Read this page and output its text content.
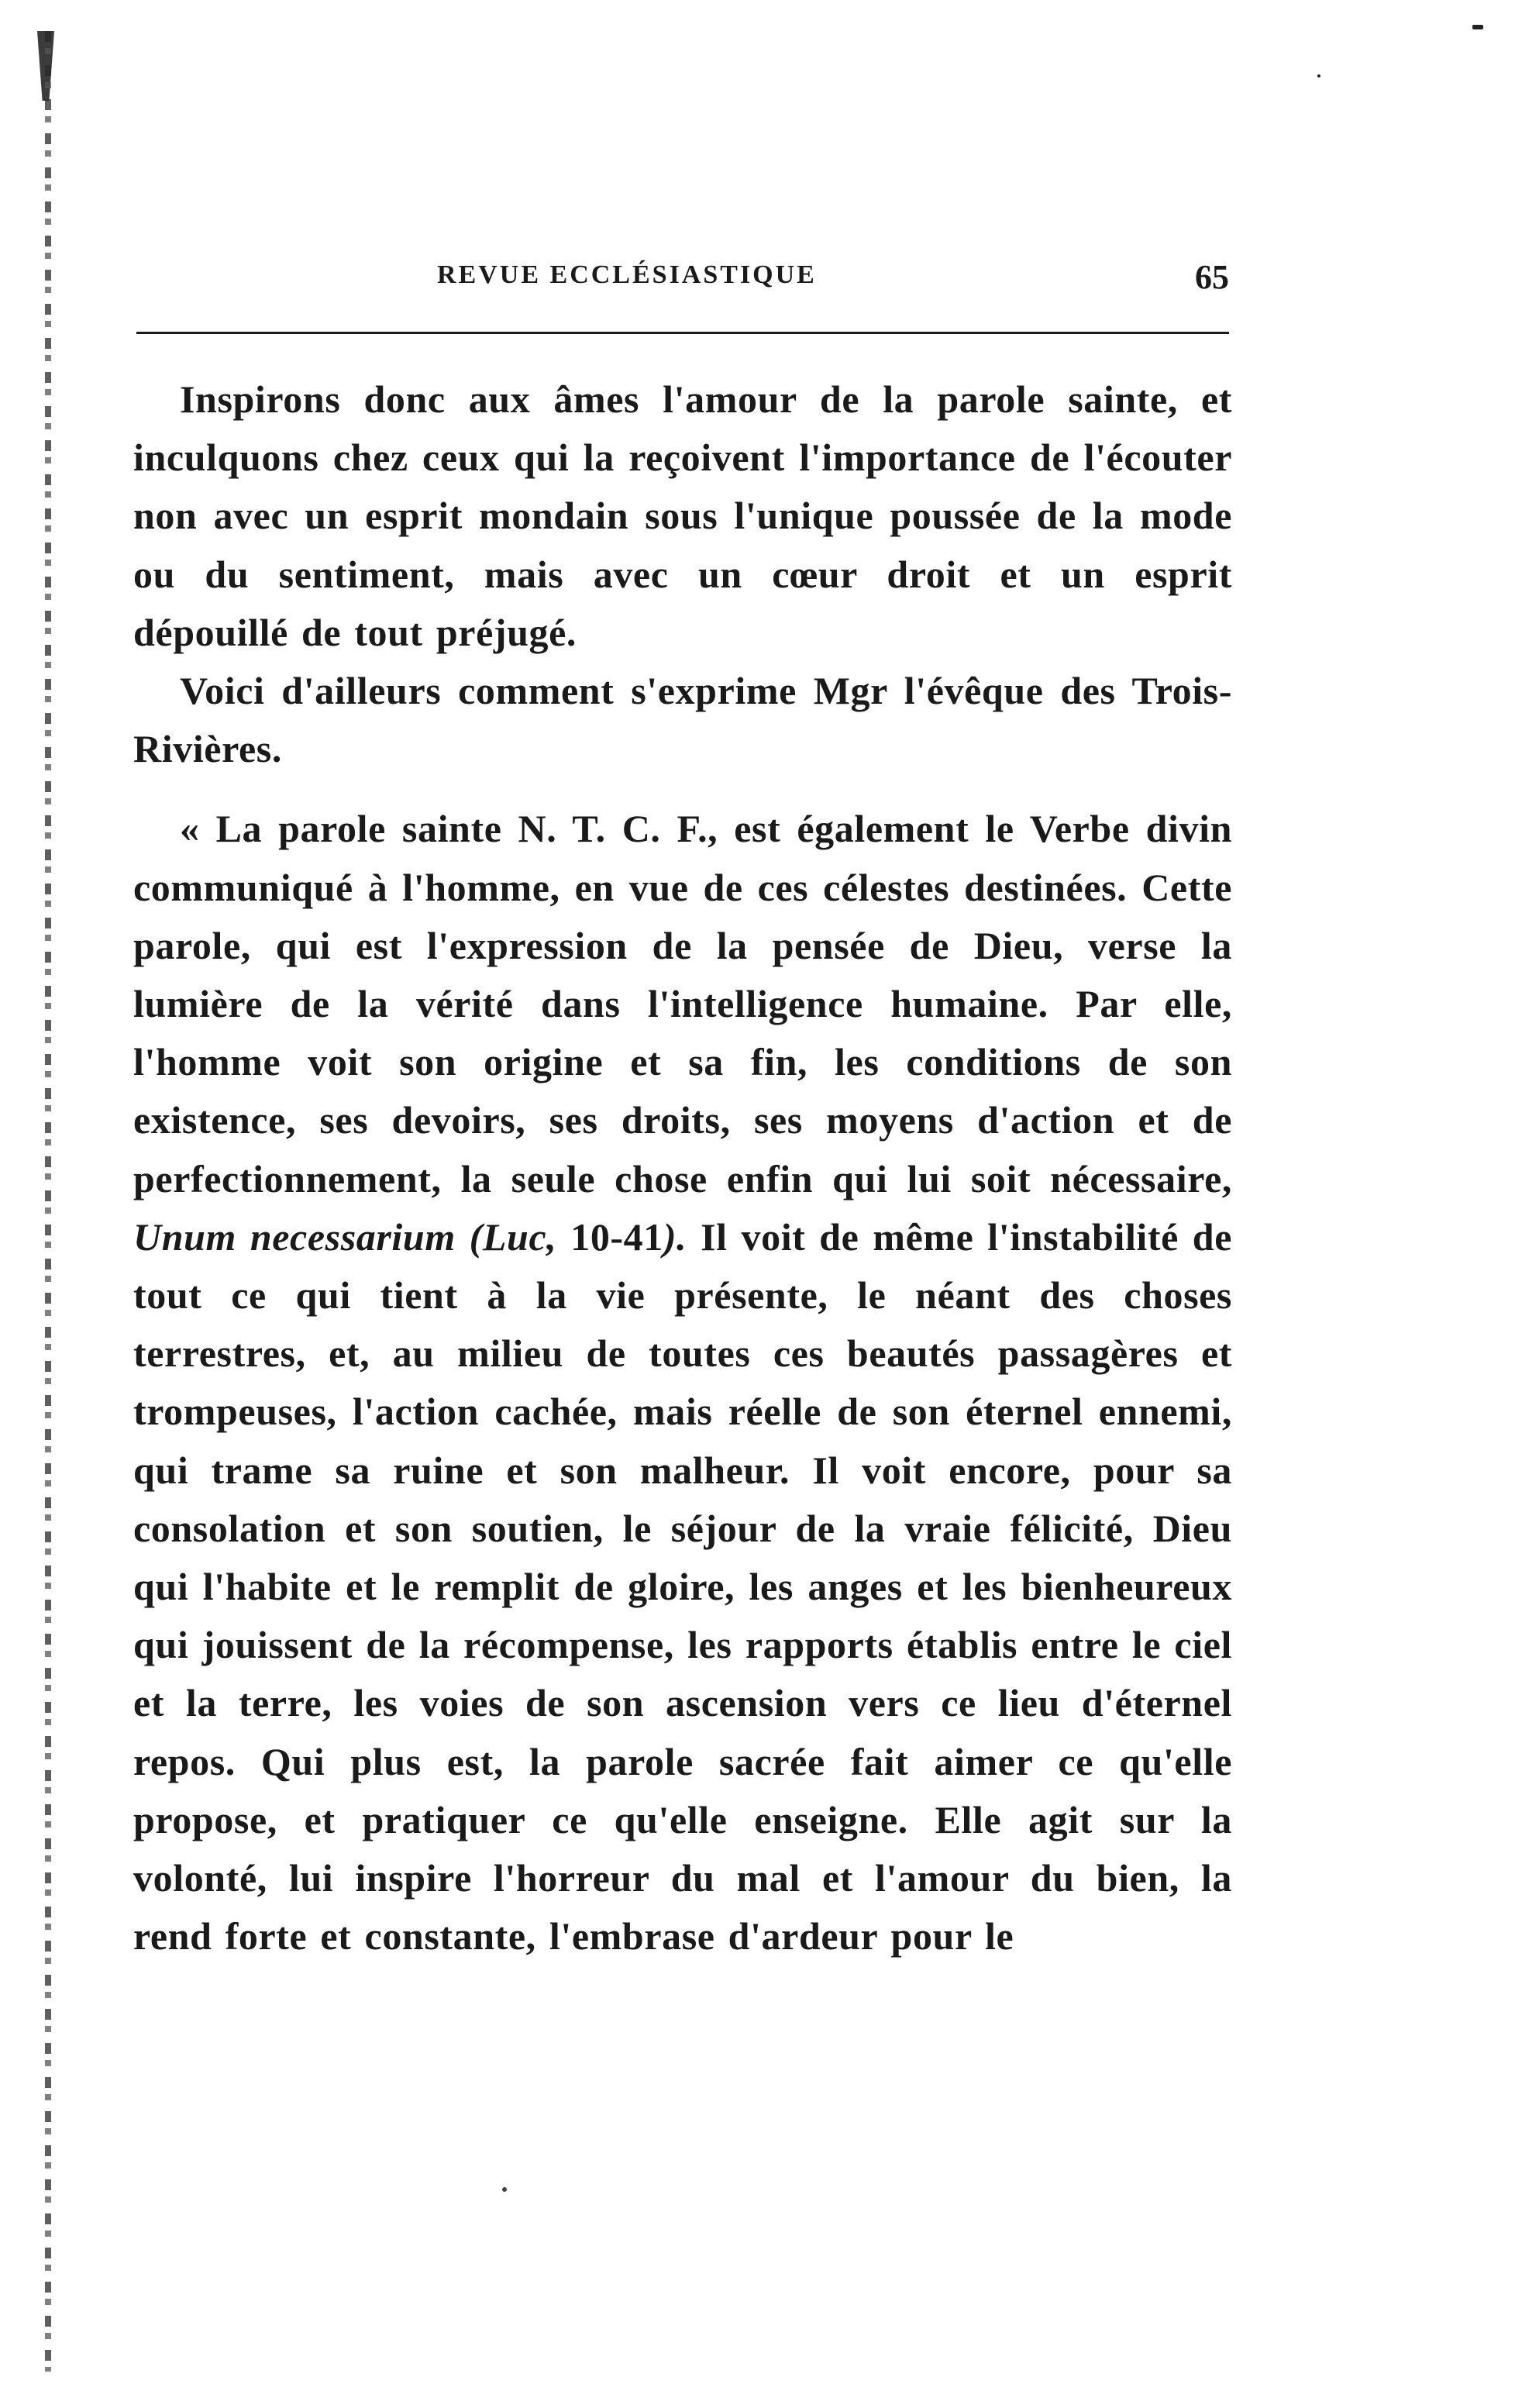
REVUE ECCLÉSIASTIQUE	65

Inspirons donc aux âmes l'amour de la parole sainte, et inculquons chez ceux qui la reçoivent l'importance de l'écouter non avec un esprit mondain sous l'unique poussée de la mode ou du sentiment, mais avec un cœur droit et un esprit dépouillé de tout préjugé.

Voici d'ailleurs comment s'exprime Mgr l'évêque des Trois-Rivières.

« La parole sainte N. T. C. F., est également le Verbe divin communiqué à l'homme, en vue de ces célestes destinées. Cette parole, qui est l'expression de la pensée de Dieu, verse la lumière de la vérité dans l'intelligence humaine. Par elle, l'homme voit son origine et sa fin, les conditions de son existence, ses devoirs, ses droits, ses moyens d'action et de perfectionnement, la seule chose enfin qui lui soit nécessaire, Unum necessarium (Luc, 10-41). Il voit de même l'instabilité de tout ce qui tient à la vie présente, le néant des choses terrestres, et, au milieu de toutes ces beautés passagères et trompeuses, l'action cachée, mais réelle de son éternel ennemi, qui trame sa ruine et son malheur. Il voit encore, pour sa consolation et son soutien, le séjour de la vraie félicité, Dieu qui l'habite et le remplit de gloire, les anges et les bienheureux qui jouissent de la récompense, les rapports établis entre le ciel et la terre, les voies de son ascension vers ce lieu d'éternel repos. Qui plus est, la parole sacrée fait aimer ce qu'elle propose, et pratiquer ce qu'elle enseigne. Elle agit sur la volonté, lui inspire l'horreur du mal et l'amour du bien, la rend forte et constante, l'embrase d'ardeur pour le
